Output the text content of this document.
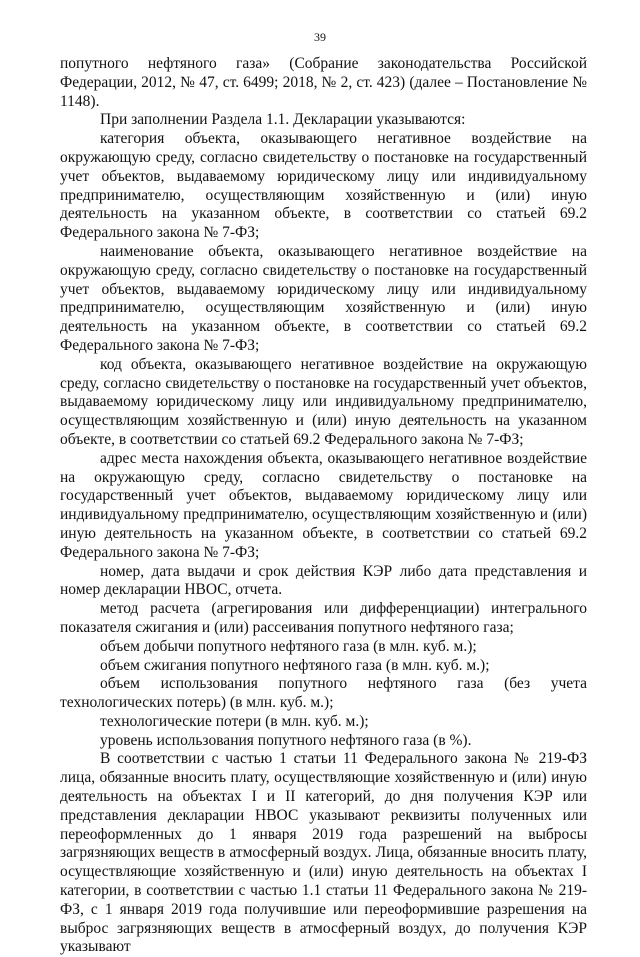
39

попутного нефтяного газа» (Собрание законодательства Российской Федерации, 2012, № 47, ст. 6499; 2018, № 2, ст. 423) (далее – Постановление № 1148).

При заполнении Раздела 1.1. Декларации указываются:

категория объекта, оказывающего негативное воздействие на окружающую среду, согласно свидетельству о постановке на государственный учет объектов, выдаваемому юридическому лицу или индивидуальному предпринимателю, осуществляющим хозяйственную и (или) иную деятельность на указанном объекте, в соответствии со статьей 69.2 Федерального закона № 7-ФЗ;

наименование объекта, оказывающего негативное воздействие на окружающую среду, согласно свидетельству о постановке на государственный учет объектов, выдаваемому юридическому лицу или индивидуальному предпринимателю, осуществляющим хозяйственную и (или) иную деятельность на указанном объекте, в соответствии со статьей 69.2 Федерального закона № 7-ФЗ;

код объекта, оказывающего негативное воздействие на окружающую среду, согласно свидетельству о постановке на государственный учет объектов, выдаваемому юридическому лицу или индивидуальному предпринимателю, осуществляющим хозяйственную и (или) иную деятельность на указанном объекте, в соответствии со статьей 69.2 Федерального закона № 7-ФЗ;

адрес места нахождения объекта, оказывающего негативное воздействие на окружающую среду, согласно свидетельству о постановке на государственный учет объектов, выдаваемому юридическому лицу или индивидуальному предпринимателю, осуществляющим хозяйственную и (или) иную деятельность на указанном объекте, в соответствии со статьей 69.2 Федерального закона № 7-ФЗ;

номер, дата выдачи и срок действия КЭР либо дата представления и номер декларации НВОС, отчета.

метод расчета (агрегирования или дифференциации) интегрального показателя сжигания и (или) рассеивания попутного нефтяного газа;

объем добычи попутного нефтяного газа (в млн. куб. м.);

объем сжигания попутного нефтяного газа (в млн. куб. м.);

объем использования попутного нефтяного газа (без учета технологических потерь) (в млн. куб. м.);

технологические потери (в млн. куб. м.);

уровень использования попутного нефтяного газа (в %).

В соответствии с частью 1 статьи 11 Федерального закона № 219-ФЗ лица, обязанные вносить плату, осуществляющие хозяйственную и (или) иную деятельность на объектах I и II категорий, до дня получения КЭР или представления декларации НВОС указывают реквизиты полученных или переоформленных до 1 января 2019 года разрешений на выбросы загрязняющих веществ в атмосферный воздух. Лица, обязанные вносить плату, осуществляющие хозяйственную и (или) иную деятельность на объектах I категории, в соответствии с частью 1.1 статьи 11 Федерального закона № 219-ФЗ, с 1 января 2019 года получившие или переоформившие разрешения на выброс загрязняющих веществ в атмосферный воздух, до получения КЭР указывают
